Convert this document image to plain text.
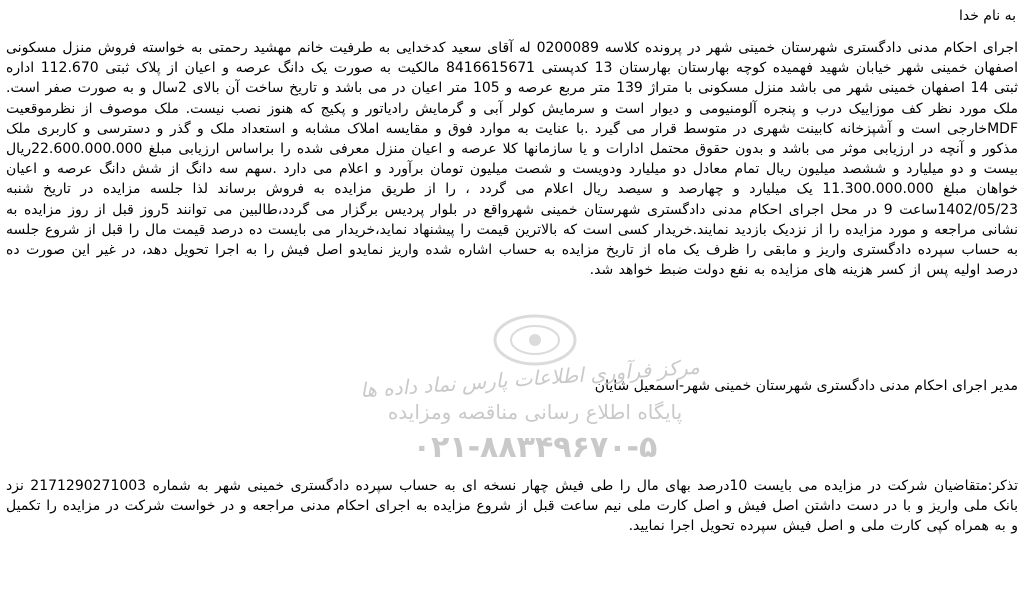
به نام خدا
اجرای احکام مدنی دادگستری شهرستان خمینی شهر در پرونده کلاسه 0200089 له آقای سعید کدخدایی به طرفیت خانم مهشید رحمتی به خواسته فروش منزل مسکونی اصفهان خمینی شهر خیابان شهید فهمیده کوچه بهارستان بهارستان 13 کدپستی 8416615671 مالکیت به صورت یک دانگ عرصه و اعیان از پلاک ثبتی 112.670 اداره ثبتی 14 اصفهان خمینی شهر می باشد منزل مسکونی با متراژ 139 متر مربع عرصه و 105 متر اعیان در می باشد و تاریخ ساخت آن بالای 2سال و به صورت صفر است. ملک مورد نظر کف موزاییک درب و پنجره آلومنیومی و دیوار است و سرمایش کولر آبی و گرمایش رادیاتور و پکیج که هنوز نصب نیست. ملک موصوف از نظرموقعیت MDFخارجی است و آشپزخانه کابینت شهری در متوسط قرار می گیرد .با عنایت به موارد فوق و مقایسه املاک مشابه و استعداد ملک و گذر و دسترسی و کاربری ملک مذکور و آنچه در ارزیابی موثر می باشد و بدون حقوق محتمل ادارات و یا سازمانها کلا عرصه و اعیان منزل معرفی شده را براساس ارزیابی مبلغ 22.600.000.000ریال بیست و دو میلیارد و ششصد میلیون ریال تمام معادل دو میلیارد ودویست و شصت میلیون تومان برآورد و اعلام می دارد .سهم سه دانگ از شش دانگ عرصه و اعیان خواهان مبلغ 11.300.000.000 یک میلیارد و چهارصد و سیصد ریال اعلام می گردد ، را از طریق مزایده به فروش برساند لذا جلسه مزایده در تاریخ شنبه 1402/05/23ساعت 9 در محل اجرای احکام مدنی دادگستری شهرستان خمینی شهرواقع در بلوار پردیس برگزار می گردد،طالبین می توانند 5روز قبل از روز مزایده به نشانی مراجعه و مورد مزایده را از نزدیک بازدید نمایند.خریدار کسی است که بالاترین قیمت را پیشنهاد نماید،خریدار می بایست ده درصد قیمت مال را قبل از شروع جلسه به حساب سپرده دادگستری واریز و مابقی را ظرف یک ماه از تاریخ مزایده به حساب اشاره شده واریز نمایدو اصل فیش را به اجرا تحویل دهد، در غیر این صورت ده درصد اولیه پس از کسر هزینه های مزایده به نفع دولت ضبط خواهد شد.
مدیر اجرای احکام مدنی دادگستری شهرستان خمینی شهر-اسمعیل شایان
مرکز فرآوری اطلاعات پارس نماد داده ها
پایگاه اطلاع رسانی مناقصه ومزایده
۰۲۱-۸۸۳۴۹۶۷۰-۵
تذکر:متقاضیان شرکت در مزایده می بایست 10درصد بهای مال را طی فیش چهار نسخه ای به حساب سپرده دادگستری خمینی شهر به شماره 2171290271003 نزد بانک ملی واریز و با در دست داشتن اصل فیش و اصل کارت ملی نیم ساعت قبل از شروع مزایده به اجرای احکام مدنی مراجعه و در خواست شرکت در مزایده را تکمیل و به همراه کپی کارت ملی و اصل فیش سپرده تحویل اجرا نمایید.
